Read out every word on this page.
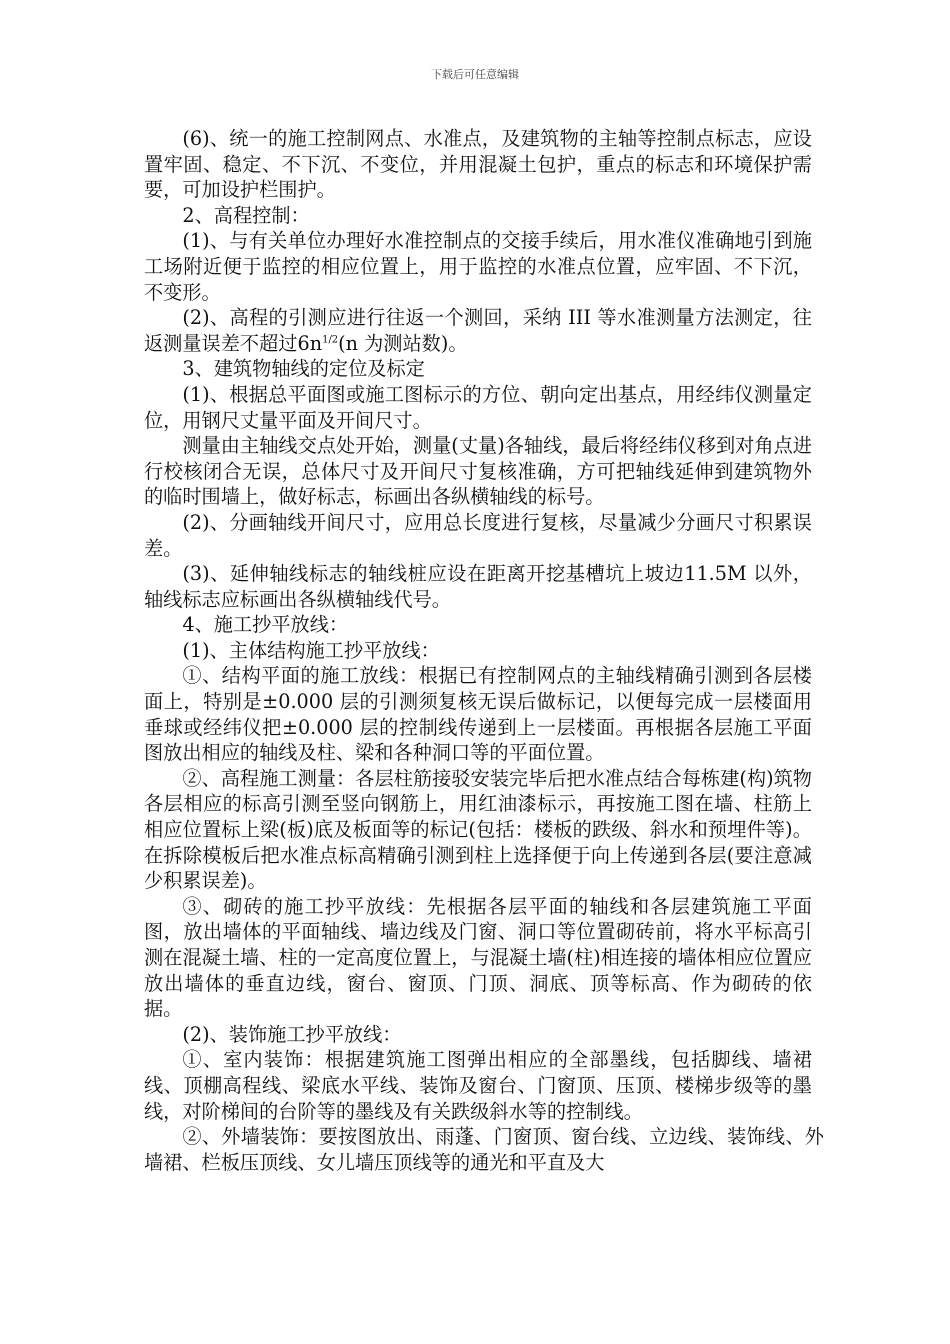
下载后可任意编辑

(6)、统一的施工控制网点、水准点，及建筑物的主轴等控制点标志，应设置牢固、稳定、不下沉、不变位，并用混凝土包护，重点的标志和环境保护需要，可加设护栏围护。

2、高程控制：

(1)、与有关单位办理好水准控制点的交接手续后，用水准仪准确地引到施工场附近便于监控的相应位置上，用于监控的水准点位置，应牢固、不下沉，不变形。

(2)、高程的引测应进行往返一个测回，采纳 III 等水准测量方法测定，往返测量误差不超过$6n^{1/2}(n$ 为测站数)。

3、建筑物轴线的定位及标定

(1)、根据总平面图或施工图标示的方位、朝向定出基点，用经纬仪测量定位，用钢尺丈量平面及开间尺寸。

测量由主轴线交点处开始，测量(丈量)各轴线，最后将经纬仪移到对角点进行校核闭合无误，总体尺寸及开间尺寸复核准确，方可把轴线延伸到建筑物外的临时围墙上，做好标志，标画出各纵横轴线的标号。

(2)、分画轴线开间尺寸，应用总长度进行复核，尽量减少分画尺寸积累误差。

(3)、延伸轴线标志的轴线桩应设在距离开挖基槽坑上坡边11.5M 以外，轴线标志应标画出各纵横轴线代号。

4、施工抄平放线：

(1)、主体结构施工抄平放线：

①、结构平面的施工放线：根据已有控制网点的主轴线精确引测到各层楼面上，特别是±0.000 层的引测须复核无误后做标记，以便每完成一层楼面用垂球或经纬仪把±0.000 层的控制线传递到上一层楼面。再根据各层施工平面图放出相应的轴线及柱、梁和各种洞口等的平面位置。

②、高程施工测量：各层柱筋接驳安装完毕后把水准点结合每栋建(构)筑物各层相应的标高引测至竖向钢筋上，用红油漆标示，再按施工图在墙、柱筋上相应位置标上梁(板)底及板面等的标记(包括：楼板的跌级、斜水和预埋件等)。在拆除模板后把水准点标高精确引测到柱上选择便于向上传递到各层(要注意减少积累误差)。

③、砌砖的施工抄平放线：先根据各层平面的轴线和各层建筑施工平面图，放出墙体的平面轴线、墙边线及门窗、洞口等位置砌砖前，将水平标高引测在混凝土墙、柱的一定高度位置上，与混凝土墙(柱)相连接的墙体相应位置应放出墙体的垂直边线，窗台、窗顶、门顶、洞底、顶等标高、作为砌砖的依据。

(2)、装饰施工抄平放线：

①、室内装饰：根据建筑施工图弹出相应的全部墨线，包括脚线、墙裙线、顶棚高程线、梁底水平线、装饰及窗台、门窗顶、压顶、楼梯步级等的墨线，对阶梯间的台阶等的墨线及有关跌级斜水等的控制线。

②、外墙装饰：要按图放出、雨蓬、门窗顶、窗台线、立边线、装饰线、外墙裙、栏板压顶线、女儿墙压顶线等的通光和平直及大
